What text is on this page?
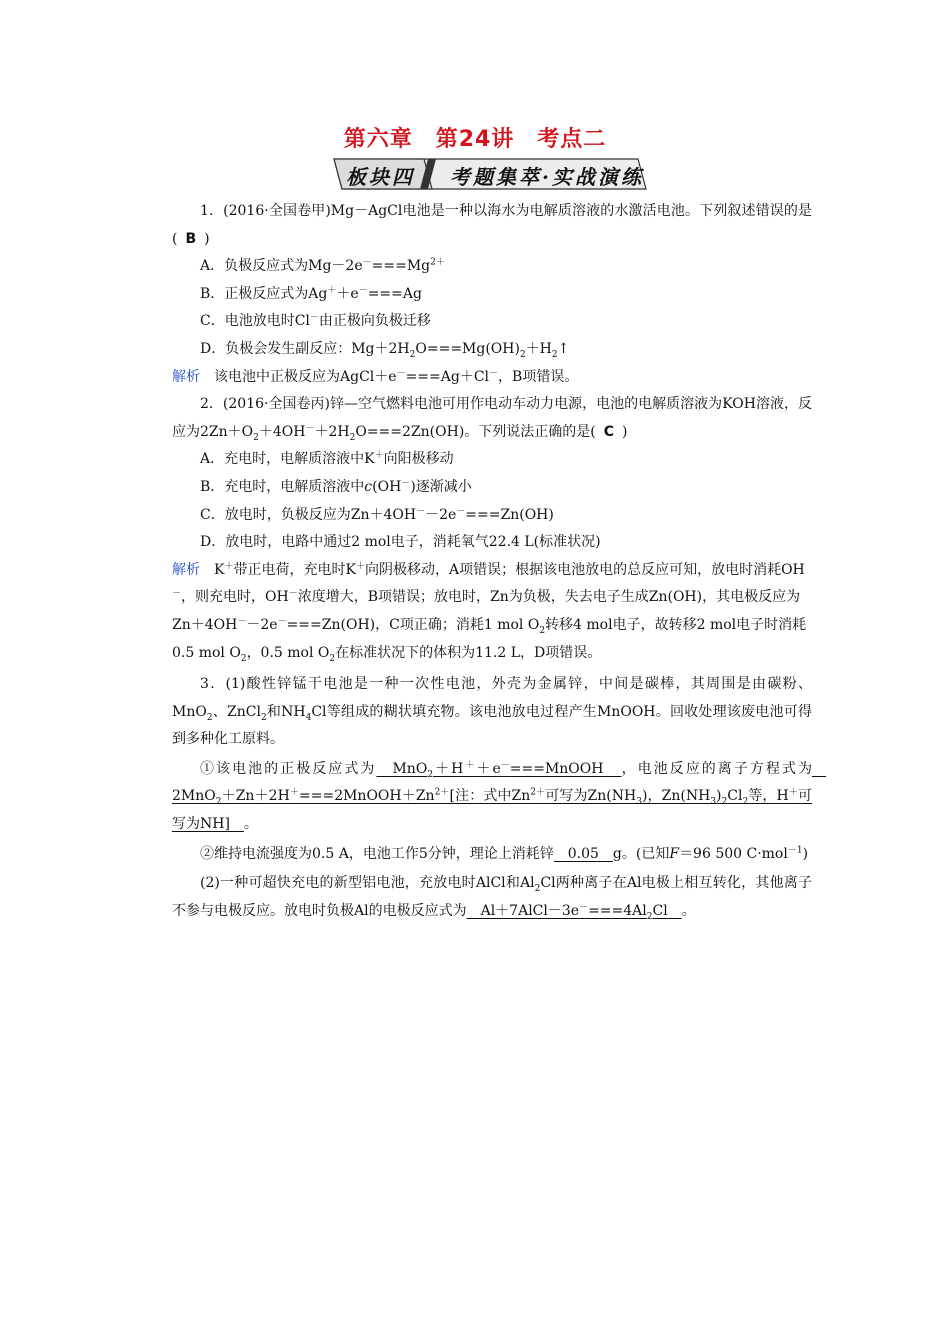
第六章　第24讲　考点二
板块四 考题集萃·实战演练

1．(2016·全国卷甲)Mg－AgCl电池是一种以海水为电解质溶液的水激活电池。下列叙述错误的是( B )

A．负极反应式为$Mg-2e^-===Mg^{2+}$

B．正极反应式为Ag＋＋e－===Ag

C．电池放电时Cl－由正极向负极迁移

D．负极会发生副反应：$Mg+2H_2O===Mg(OH)_2+H_2↑$

解析　该电池中正极反应为AgCl＋e－===Ag＋Cl－，B项错误。

2．(2016·全国卷丙)锌—空气燃料电池可用作电动车动力电源，电池的电解质溶液为KOH溶液，反应为$2Zn+O_2+4OH^-+2H_2O===2Zn(OH)$。下列说法正确的是( C )

A．充电时，电解质溶液中K＋向阳极移动

B．充电时，电解质溶液中c(OH－)逐渐减小

C．放电时，负极反应为Zn＋4OH－－2e－===Zn(OH)

D．放电时，电路中通过2 mol电子，消耗氧气22.4 L(标准状况)

解析　K＋带正电荷，充电时K＋向阴极移动，A项错误；根据该电池放电的总反应可知，放电时消耗OH－，则充电时，OH－浓度增大，B项错误；放电时，Zn为负极，失去电子生成Zn(OH)，其电极反应为Zn＋4OH－－2e－===Zn(OH)，C项正确；消耗1 mol $O_2$转移4 mol电子，故转移2 mol电子时消耗0.5 mol $O_2$，0.5 mol $O_2$在标准状况下的体积为11.2 L，D项错误。

3．(1)酸性锌锰干电池是一种一次性电池，外壳为金属锌，中间是碳棒，其周围是由碳粉、MnO$_2$、ZnCl$_2$和$NH_4Cl$等组成的糊状填充物。该电池放电过程产生MnOOH。回收处理该废电池可得到多种化工原料。

①该电池的正极反应式为　MnO$_2$＋H＋＋e－===MnOOH　，电池反应的离子方程式为　$2MnO_2+Zn+2H^+===2MnOOH+Zn^{2+}$[注：式中$Zn^{2+}$可写为$Zn(NH_3)$，$Zn(NH_3)_2Cl_2$等，H＋可写为NH]　。

②维持电流强度为0.5 A，电池工作5分钟，理论上消耗锌　0.05　g。(已知F＝96 500 C·mol$^{-1}$)

(2)一种可超快充电的新型铝电池，充放电时AlCl和$Al_2Cl$两种离子在Al电极上相互转化，其他离子不参与电极反应。放电时负极Al的电极反应式为　$Al+7AlCl-3e^-===4Al_2Cl$　。
